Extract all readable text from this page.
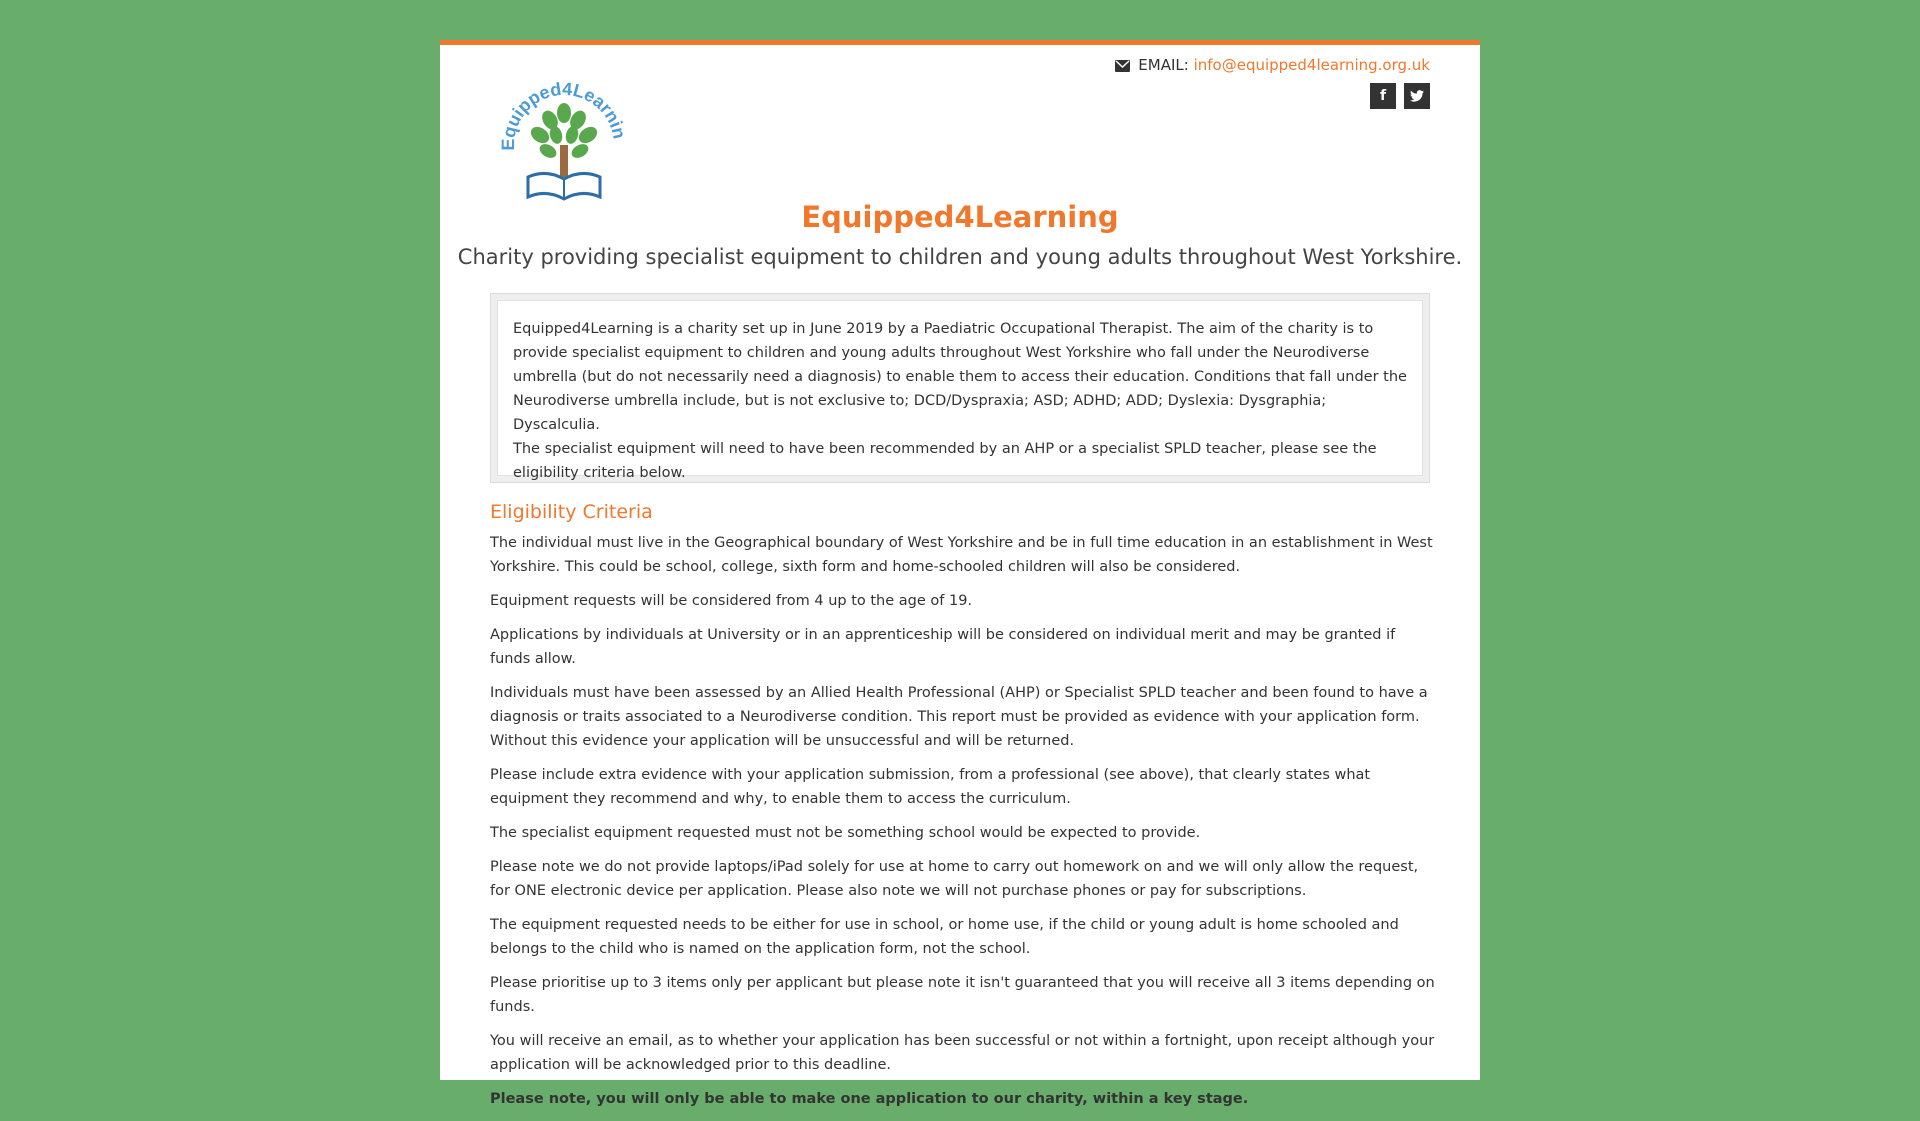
EMAIL: info@equipped4learning.org.uk
f
Equipped4Learnin
Equipped4Learning
Charity providing specialist equipment to children and young adults throughout West Yorkshire.

Equipped4Learning is a charity set up in June 2019 by a Paediatric Occupational Therapist. The aim of the charity is to provide specialist equipment to children and young adults throughout West Yorkshire who fall under the Neurodiverse umbrella (but do not necessarily need a diagnosis) to enable them to access their education. Conditions that fall under the Neurodiverse umbrella include, but is not exclusive to; DCD/Dyspraxia; ASD; ADHD; ADD; Dyslexia: Dysgraphia; Dyscalculia.

The specialist equipment will need to have been recommended by an AHP or a specialist SPLD teacher, please see the eligibility criteria below.

Eligibility Criteria

The individual must live in the Geographical boundary of West Yorkshire and be in full time education in an establishment in West Yorkshire. This could be school, college, sixth form and home-schooled children will also be considered.

Equipment requests will be considered from 4 up to the age of 19.

Applications by individuals at University or in an apprenticeship will be considered on individual merit and may be granted if funds allow.

Individuals must have been assessed by an Allied Health Professional (AHP) or Specialist SPLD teacher and been found to have a diagnosis or traits associated to a Neurodiverse condition. This report must be provided as evidence with your application form. Without this evidence your application will be unsuccessful and will be returned.

Please include extra evidence with your application submission, from a professional (see above), that clearly states what equipment they recommend and why, to enable them to access the curriculum.

The specialist equipment requested must not be something school would be expected to provide.

Please note we do not provide laptops/iPad solely for use at home to carry out homework on and we will only allow the request, for ONE electronic device per application. Please also note we will not purchase phones or pay for subscriptions.

The equipment requested needs to be either for use in school, or home use, if the child or young adult is home schooled and belongs to the child who is named on the application form, not the school.

Please prioritise up to 3 items only per applicant but please note it isn't guaranteed that you will receive all 3 items depending on funds.

You will receive an email, as to whether your application has been successful or not within a fortnight, upon receipt although your application will be acknowledged prior to this deadline.

Please note, you will only be able to make one application to our charity, within a key stage.
